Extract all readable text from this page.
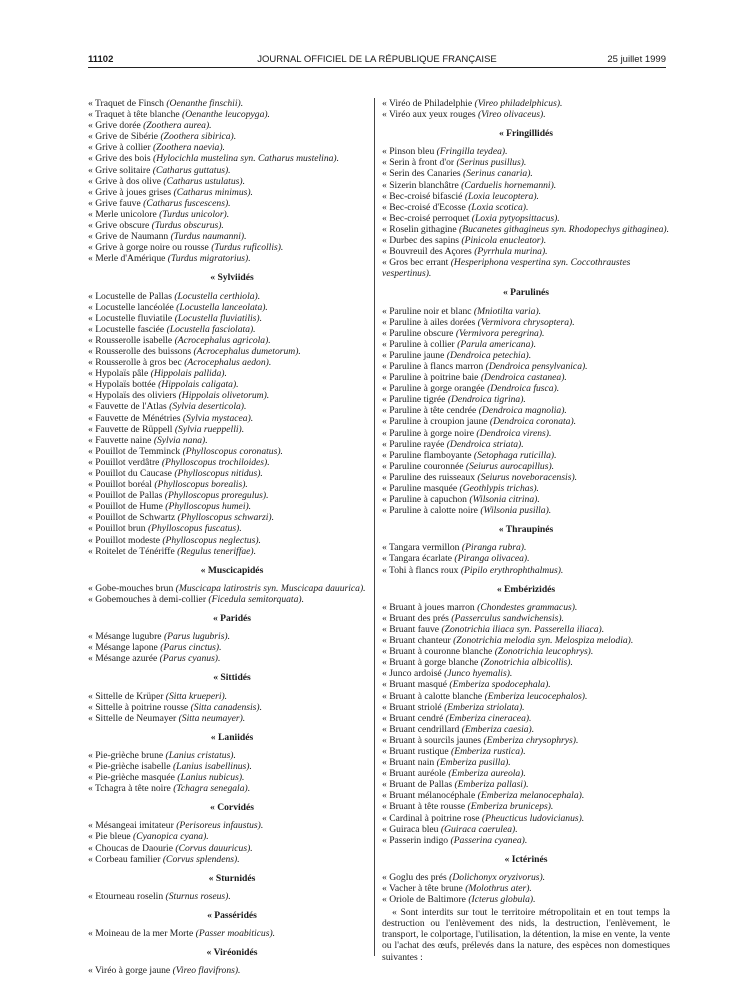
11102	JOURNAL OFFICIEL DE LA RÉPUBLIQUE FRANÇAISE	25 juillet 1999
« Traquet de Finsch (Oenanthe finschii).
« Traquet à tête blanche (Oenanthe leucopyga).
« Grive dorée (Zoothera aurea).
« Grive de Sibérie (Zoothera sibirica).
« Grive à collier (Zoothera naevia).
« Grive des bois (Hylocichla mustelina syn. Catharus mustelina).
« Grive solitaire (Catharus guttatus).
« Grive à dos olive (Catharus ustulatus).
« Grive à joues grises (Catharus minimus).
« Grive fauve (Catharus fuscescens).
« Merle unicolore (Turdus unicolor).
« Grive obscure (Turdus obscurus).
« Grive de Naumann (Turdus naumanni).
« Grive à gorge noire ou rousse (Turdus ruficollis).
« Merle d'Amérique (Turdus migratorius).
« Sylviidés
« Locustelle de Pallas (Locustella certhiola).
« Locustelle lancéolée (Locustella lanceolata).
« Locustelle fluviatile (Locustella fluviatilis).
« Locustelle fasciée (Locustella fasciolata).
« Rousserolle isabelle (Acrocephalus agricola).
« Rousserolle des buissons (Acrocephalus dumetorum).
« Rousserolle à gros bec (Acrocephalus aedon).
« Hypolaïs pâle (Hippolais pallida).
« Hypolaïs bottée (Hippolais caligata).
« Hypolaïs des oliviers (Hippolais olivetorum).
« Fauvette de l'Atlas (Sylvia deserticola).
« Fauvette de Ménétries (Sylvia mystacea).
« Fauvette de Rüppell (Sylvia rueppelli).
« Fauvette naine (Sylvia nana).
« Pouillot de Temminck (Phylloscopus coronatus).
« Pouillot verdâtre (Phylloscopus trochiloides).
« Pouillot du Caucase (Phylloscopus nitidus).
« Pouillot boréal (Phylloscopus borealis).
« Pouillot de Pallas (Phylloscopus proregulus).
« Pouillot de Hume (Phylloscopus humei).
« Pouillot de Schwartz (Phylloscopus schwarzi).
« Pouillot brun (Phylloscopus fuscatus).
« Pouillot modeste (Phylloscopus neglectus).
« Roitelet de Ténériffe (Regulus teneriffae).
« Muscicapidés
« Gobe-mouches brun (Muscicapa latirostris syn. Muscicapa dauurica).
« Gobemouches à demi-collier (Ficedula semitorquata).
« Paridés
« Mésange lugubre (Parus lugubris).
« Mésange lapone (Parus cinctus).
« Mésange azurée (Parus cyanus).
« Sittidés
« Sittelle de Krüper (Sitta krueperi).
« Sittelle à poitrine rousse (Sitta canadensis).
« Sittelle de Neumayer (Sitta neumayer).
« Laniidés
« Pie-grièche brune (Lanius cristatus).
« Pie-grièche isabelle (Lanius isabellinus).
« Pie-grièche masquée (Lanius nubicus).
« Tchagra à tête noire (Tchagra senegala).
« Corvidés
« Mésangeai imitateur (Perisoreus infaustus).
« Pie bleue (Cyanopica cyana).
« Choucas de Daourie (Corvus dauuricus).
« Corbeau familier (Corvus splendens).
« Sturnidés
« Etourneau roselin (Sturnus roseus).
« Passéridés
« Moineau de la mer Morte (Passer moabiticus).
« Viréonidés
« Viréo à gorge jaune (Vireo flavifrons).
« Viréo de Philadelphie (Vireo philadelphicus).
« Viréo aux yeux rouges (Vireo olivaceus).
« Fringillidés
« Pinson bleu (Fringilla teydea).
« Serin à front d'or (Serinus pusillus).
« Serin des Canaries (Serinus canaria).
« Sizerin blanchâtre (Carduelis hornemanni).
« Bec-croisé bifascié (Loxia leucoptera).
« Bec-croisé d'Ecosse (Loxia scotica).
« Bec-croisé perroquet (Loxia pytyopsittacus).
« Roselin githagine (Bucanetes githagineus syn. Rhodopechys githaginea).
« Durbec des sapins (Pinicola enucleator).
« Bouvreuil des Açores (Pyrrhula murina).
« Gros bec errant (Hesperiphona vespertina syn. Coccothraustes vespertinus).
« Parulinés
« Paruline noir et blanc (Mniotilta varia).
« Paruline à ailes dorées (Vermivora chrysoptera).
« Paruline obscure (Vermivora peregrina).
« Paruline à collier (Parula americana).
« Paruline jaune (Dendroica petechia).
« Paruline à flancs marron (Dendroica pensylvanica).
« Paruline à poitrine baie (Dendroica castanea).
« Paruline à gorge orangée (Dendroica fusca).
« Paruline tigrée (Dendroica tigrina).
« Paruline à tête cendrée (Dendroica magnolia).
« Paruline à croupion jaune (Dendroica coronata).
« Paruline à gorge noire (Dendroica virens).
« Paruline rayée (Dendroica striata).
« Paruline flamboyante (Setophaga ruticilla).
« Paruline couronnée (Seiurus aurocapillus).
« Paruline des ruisseaux (Seiurus noveboracensis).
« Paruline masquée (Geothlypis trichas).
« Paruline à capuchon (Wilsonia citrina).
« Paruline à calotte noire (Wilsonia pusilla).
« Thraupinés
« Tangara vermillon (Piranga rubra).
« Tangara écarlate (Piranga olivacea).
« Tohi à flancs roux (Pipilo erythrophthalmus).
« Embérizidés
« Bruant à joues marron (Chondestes grammacus).
« Bruant des prés (Passerculus sandwichensis).
« Bruant fauve (Zonotrichia iliaca syn. Passerella iliaca).
« Bruant chanteur (Zonotrichia melodia syn. Melospiza melodia).
« Bruant à couronne blanche (Zonotrichia leucophrys).
« Bruant à gorge blanche (Zonotrichia albicollis).
« Junco ardoisé (Junco hyemalis).
« Bruant masqué (Emberiza spodocephala).
« Bruant à calotte blanche (Emberiza leucocephalos).
« Bruant striolé (Emberiza striolata).
« Bruant cendré (Emberiza cineracea).
« Bruant cendrillard (Emberiza caesia).
« Bruant à sourcils jaunes (Emberiza chrysophrys).
« Bruant rustique (Emberiza rustica).
« Bruant nain (Emberiza pusilla).
« Bruant auréole (Emberiza aureola).
« Bruant de Pallas (Emberiza pallasi).
« Bruant mélanocéphale (Emberiza melanocephala).
« Bruant à tête rousse (Emberiza bruniceps).
« Cardinal à poitrine rose (Pheucticus ludovicianus).
« Guiraca bleu (Guiraca caerulea).
« Passerin indigo (Passerina cyanea).
« Ictérinés
« Goglu des prés (Dolichonyx oryzivorus).
« Vacher à tête brune (Molothrus ater).
« Oriole de Baltimore (Icterus globula).
« Sont interdits sur tout le territoire métropolitain et en tout temps la destruction ou l'enlèvement des nids, la destruction, l'enlèvement, le transport, le colportage, l'utilisation, la détention, la mise en vente, la vente ou l'achat des œufs, prélevés dans la nature, des espèces non domestiques suivantes :
